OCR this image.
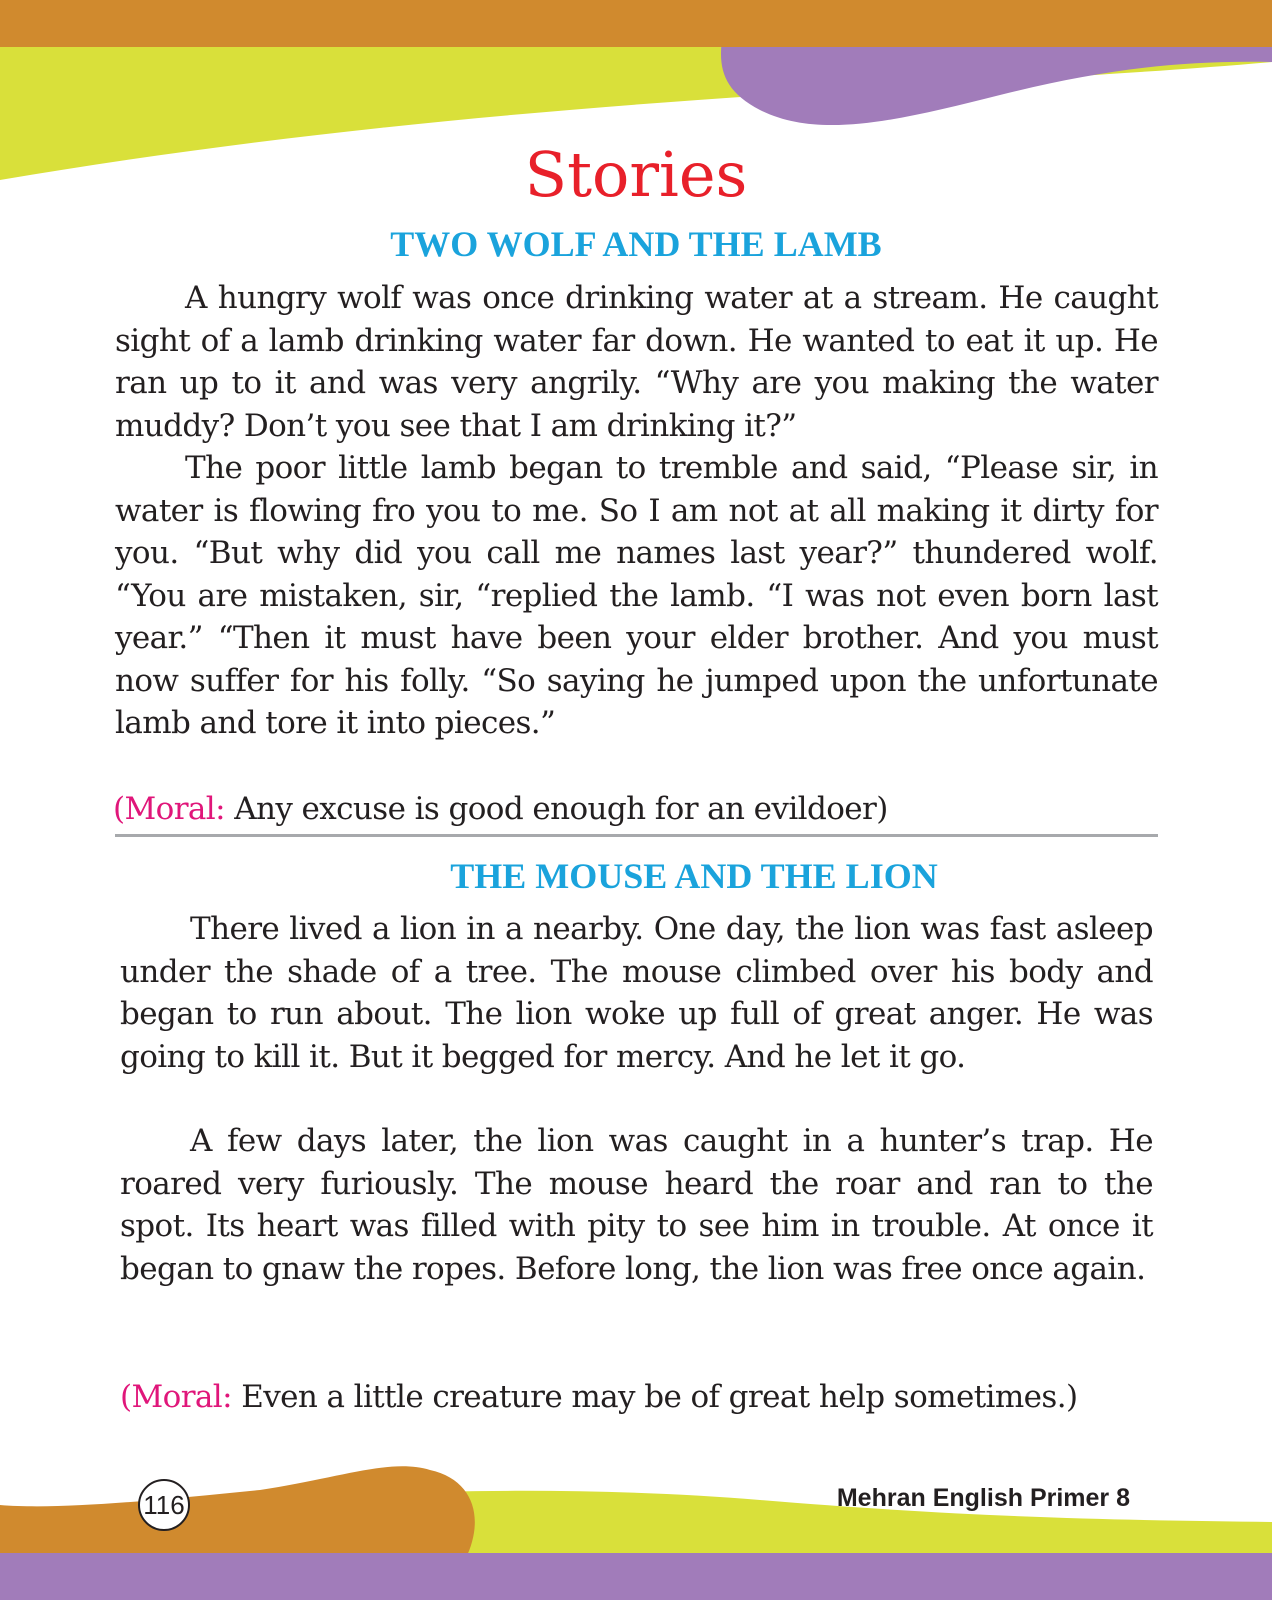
Stories
TWO WOLF AND THE LAMB

A hungry wolf was once drinking water at a stream. He caught sight of a lamb drinking water far down. He wanted to eat it up. He ran up to it and was very angrily. “Why are you making the water muddy? Don’t you see that I am drinking it?”

The poor little lamb began to tremble and said, “Please sir, in water is flowing fro you to me. So I am not at all making it dirty for you. “But why did you call me names last year?” thundered wolf. “You are mistaken, sir, “replied the lamb. “I was not even born last year.” “Then it must have been your elder brother. And you must now suffer for his folly. “So saying he jumped upon the unfortunate lamb and tore it into pieces.”

(Moral: Any excuse is good enough for an evildoer)

THE MOUSE AND THE LION

There lived a lion in a nearby. One day, the lion was fast asleep under the shade of a tree. The mouse climbed over his body and began to run about. The lion woke up full of great anger. He was going to kill it. But it begged for mercy. And he let it go.

A few days later, the lion was caught in a hunter’s trap. He roared very furiously. The mouse heard the roar and ran to the spot. Its heart was filled with pity to see him in trouble. At once it began to gnaw the ropes. Before long, the lion was free once again.

(Moral: Even a little creature may be of great help sometimes.)

116	Mehran English Primer 8
